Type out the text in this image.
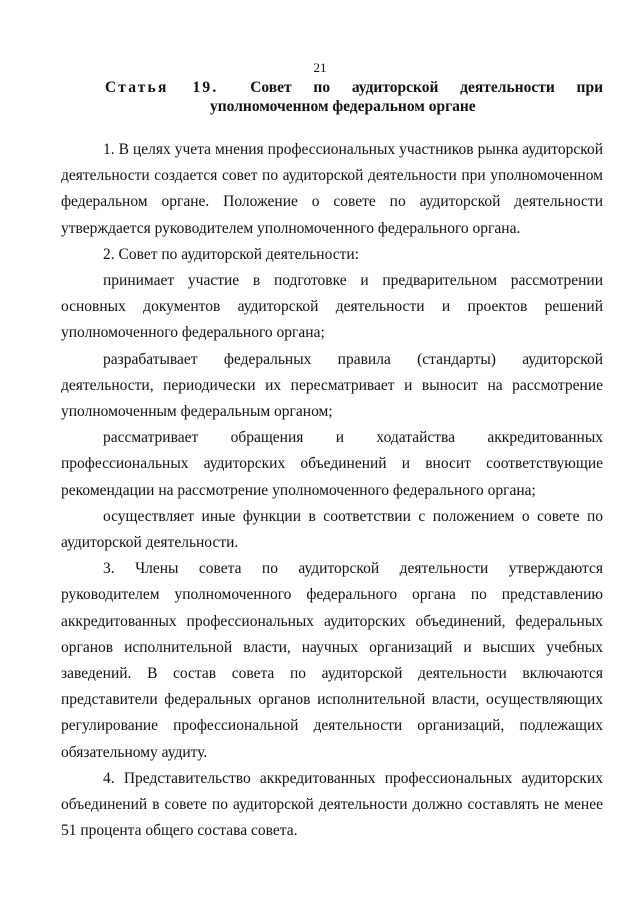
21
Статья 19. Совет по аудиторской деятельности при
уполномоченном федеральном органе

1. В целях учета мнения профессиональных участников рынка аудиторской деятельности создается совет по аудиторской деятельности при уполномоченном федеральном органе. Положение о совете по аудиторской деятельности утверждается руководителем уполномоченного федерального органа.

2. Совет по аудиторской деятельности:

принимает участие в подготовке и предварительном рассмотрении основных документов аудиторской деятельности и проектов решений уполномоченного федерального органа;

разрабатывает федеральных правила (стандарты) аудиторской деятельности, периодически их пересматривает и выносит на рассмотрение уполномоченным федеральным органом;

рассматривает обращения и ходатайства аккредитованных профессиональных аудиторских объединений и вносит соответствующие рекомендации на рассмотрение уполномоченного федерального органа;

осуществляет иные функции в соответствии с положением о совете по аудиторской деятельности.

3. Члены совета по аудиторской деятельности утверждаются руководителем уполномоченного федерального органа по представлению аккредитованных профессиональных аудиторских объединений, федеральных органов исполнительной власти, научных организаций и высших учебных заведений. В состав совета по аудиторской деятельности включаются представители федеральных органов исполнительной власти, осуществляющих регулирование профессиональной деятельности организаций, подлежащих обязательному аудиту.

4. Представительство аккредитованных профессиональных аудиторских объединений в совете по аудиторской деятельности должно составлять не менее 51 процента общего состава совета.
